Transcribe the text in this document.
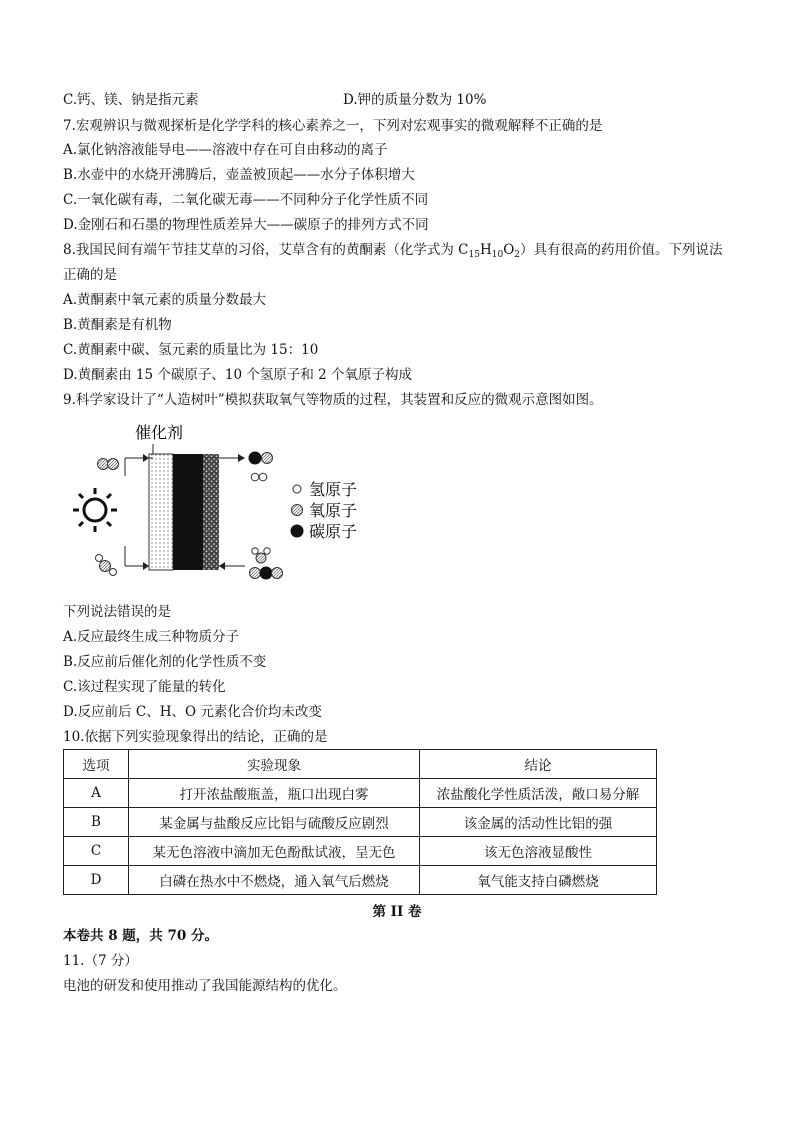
C.钙、镁、钠是指元素	D.钾的质量分数为 10%
7.宏观辨识与微观探析是化学学科的核心素养之一，下列对宏观事实的微观解释不正确的是
A.氯化钠溶液能导电——溶液中存在可自由移动的离子
B.水壶中的水烧开沸腾后，壶盖被顶起——水分子体积增大
C.一氧化碳有毒，二氧化碳无毒——不同种分子化学性质不同
D.金刚石和石墨的物理性质差异大——碳原子的排列方式不同
8.我国民间有端午节挂艾草的习俗，艾草含有的黄酮素（化学式为 $C_{15}H_{10}O_2$）具有很高的药用价值。下列说法
正确的是
A.黄酮素中氧元素的质量分数最大
B.黄酮素是有机物
C.黄酮素中碳、氢元素的质量比为 15：10
D.黄酮素由 15 个碳原子、10 个氢原子和 2 个氧原子构成
9.科学家设计了“人造树叶”模拟获取氧气等物质的过程，其装置和反应的微观示意图如图。
催化剂
氢原子
氧原子
碳原子
下列说法错误的是
A.反应最终生成三种物质分子
B.反应前后催化剂的化学性质不变
C.该过程实现了能量的转化
D.反应前后 C、H、O 元素化合价均未改变
10.依据下列实验现象得出的结论，正确的是
选项	实验现象	结论
A	打开浓盐酸瓶盖，瓶口出现白雾	浓盐酸化学性质活泼，敞口易分解
B	某金属与盐酸反应比铝与硫酸反应剧烈	该金属的活动性比铝的强
C	某无色溶液中滴加无色酚酞试液，呈无色	该无色溶液显酸性
D	白磷在热水中不燃烧，通入氧气后燃烧	氧气能支持白磷燃烧
第 II 卷
本卷共 8 题，共 70 分。
11.（7 分）
电池的研发和使用推动了我国能源结构的优化。
